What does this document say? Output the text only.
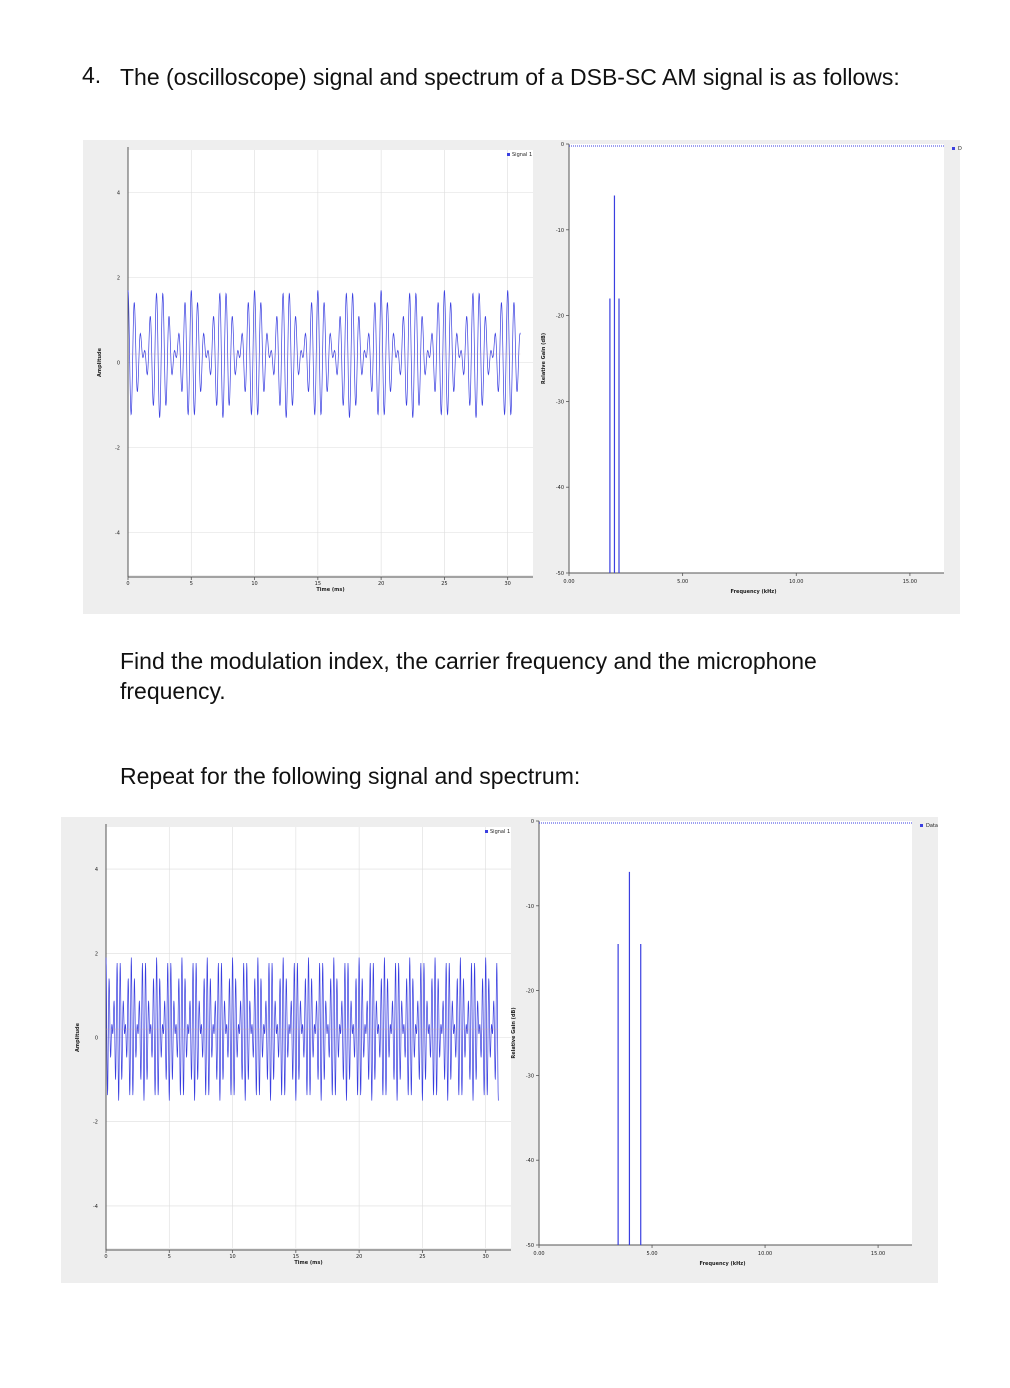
4. The (oscilloscope) signal and spectrum of a DSB-SC AM signal is as follows:
0	5	10	15	20	25	30
4
2
0
-2
-4
Time (ms)
Amplitude
Signal 1
0.00	5.00	10.00	15.00
0
-10
-20
-30
-40
-50
Frequency (kHz)
Relative Gain (dB)
D
Find the modulation index, the carrier frequency and the microphone frequency.
Repeat for the following signal and spectrum:
0	5	10	15	20	25	30
4
2
0
-2
-4
Time (ms)
Amplitude
Signal 1
0.00	5.00	10.00	15.00
0
-10
-20
-30
-40
-50
Frequency (kHz)
Relative Gain (dB)
Data
